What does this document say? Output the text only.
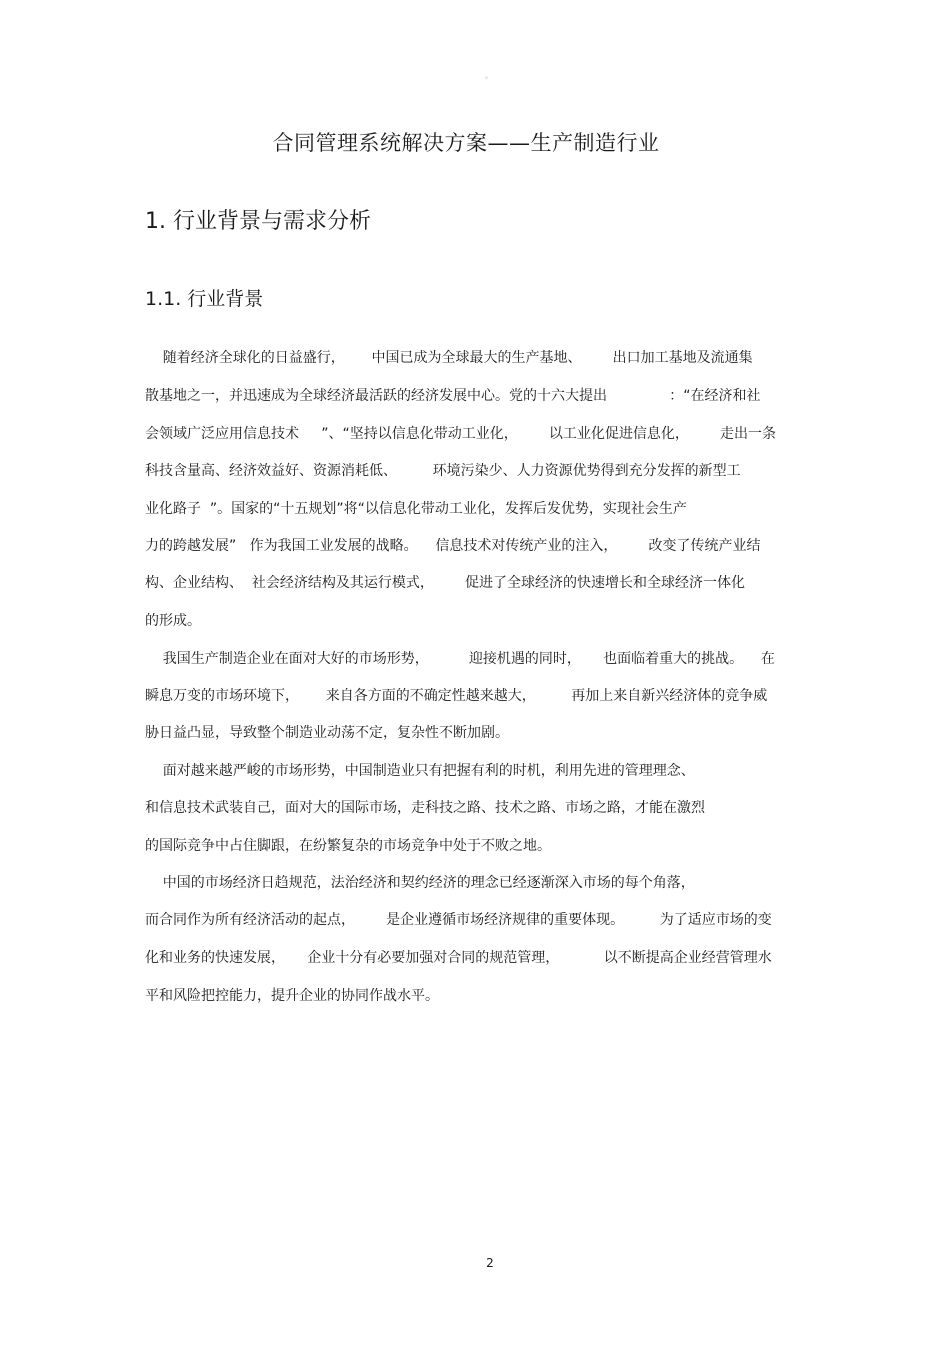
。
合同管理系统解决方案——生产制造行业
1. 行业背景与需求分析
1.1. 行业背景
随着经济全球化的日益盛行，      中国已成为全球最大的生产基地、       出口加工基地及流通集
散基地之一，并迅速成为全球经济最活跃的经济发展中心。党的十六大提出              ：“在经济和社
会领域广泛应用信息技术     ”、“坚持以信息化带动工业化，       以工业化促进信息化，       走出一条
科技含量高、经济效益好、资源消耗低、        环境污染少、人力资源优势得到充分发挥的新型工
业化路子  ”。国家的“十五规划”将“以信息化带动工业化，发挥后发优势，实现社会生产
力的跨越发展”   作为我国工业发展的战略。    信息技术对传统产业的注入，       改变了传统产业结
构、企业结构、  社会经济结构及其运行模式，       促进了全球经济的快速增长和全球经济一体化
的形成。
我国生产制造企业在面对大好的市场形势，         迎接机遇的同时，     也面临着重大的挑战。    在
瞬息万变的市场环境下，      来自各方面的不确定性越来越大，        再加上来自新兴经济体的竞争威
胁日益凸显，导致整个制造业动荡不定，复杂性不断加剧。
面对越来越严峻的市场形势，中国制造业只有把握有利的时机，利用先进的管理理念、
和信息技术武装自己，面对大的国际市场，走科技之路、技术之路、市场之路，才能在激烈
的国际竞争中占住脚跟，在纷繁复杂的市场竞争中处于不败之地。
中国的市场经济日趋规范，法治经济和契约经济的理念已经逐渐深入市场的每个角落，
而合同作为所有经济活动的起点，       是企业遵循市场经济规律的重要体现。        为了适应市场的变
化和业务的快速发展，     企业十分有必要加强对合同的规范管理，          以不断提高企业经营管理水
平和风险把控能力，提升企业的协同作战水平。
2
